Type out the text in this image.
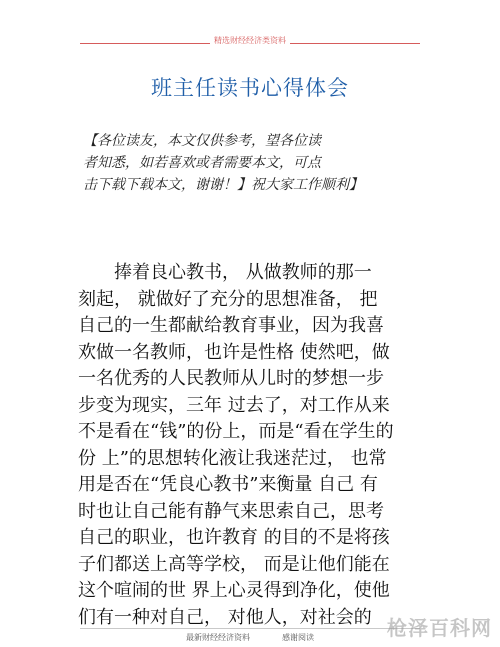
精选财经经济类资料
班主任读书心得体会
【各位读友，本文仅供参考，望各位读
者知悉，如若喜欢或者需要本文，可点
击下载下载本文，谢谢！】祝大家工作顺利】
　　捧着良心教书， 从做教师的那一
刻起， 就做好了充分的思想准备， 把
自己的一生都献给教育事业，因为我喜
欢做一名教师，也许是性格 使然吧，做
一名优秀的人民教师从儿时的梦想一步
步变为现实，三年 过去了，对工作从来
不是看在“钱”的份上，而是“看在学生的
份 上”的思想转化液让我迷茫过， 也常
用是否在“凭良心教书”来衡量 自己 有
时也让自己能有静气来思索自己，思考
自己的职业，也许教育 的目的不是将孩
子们都送上高等学校， 而是让他们能在
这个喧闹的世 界上心灵得到净化，使他
们有一种对自己， 对他人，对社会的
最新财经经济资料　　　　感谢阅读	枪泽百科网
